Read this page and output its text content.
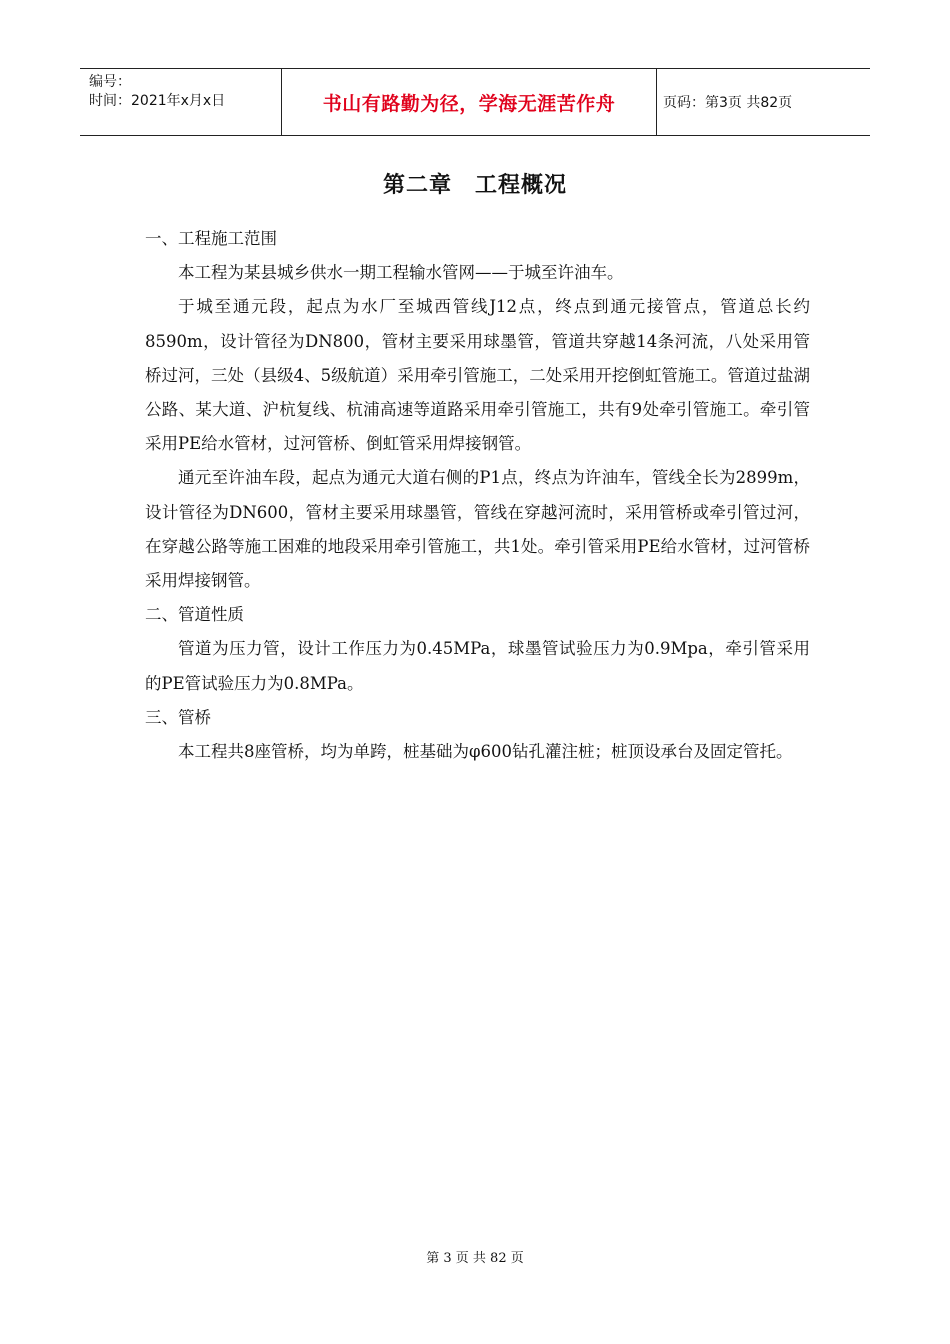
编号：
时间：2021年x月x日	书山有路勤为径，学海无涯苦作舟	页码：第3页 共82页
第二章　工程概况

一、工程施工范围

本工程为某县城乡供水一期工程输水管网——于城至许油车。

于城至通元段，起点为水厂至城西管线J12点，终点到通元接管点，管道总长约8590m，设计管径为DN800，管材主要采用球墨管，管道共穿越14条河流，八处采用管桥过河，三处（县级4、5级航道）采用牵引管施工，二处采用开挖倒虹管施工。管道过盐湖公路、某大道、沪杭复线、杭浦高速等道路采用牵引管施工，共有9处牵引管施工。牵引管采用PE给水管材，过河管桥、倒虹管采用焊接钢管。

通元至许油车段，起点为通元大道右侧的P1点，终点为许油车，管线全长为2899m，设计管径为DN600，管材主要采用球墨管，管线在穿越河流时，采用管桥或牵引管过河，在穿越公路等施工困难的地段采用牵引管施工，共1处。牵引管采用PE给水管材，过河管桥采用焊接钢管。

二、管道性质

管道为压力管，设计工作压力为0.45MPa，球墨管试验压力为0.9Mpa，牵引管采用的PE管试验压力为0.8MPa。

三、管桥

本工程共8座管桥，均为单跨，桩基础为φ600钻孔灌注桩；桩顶设承台及固定管托。

第 3 页 共 82 页
